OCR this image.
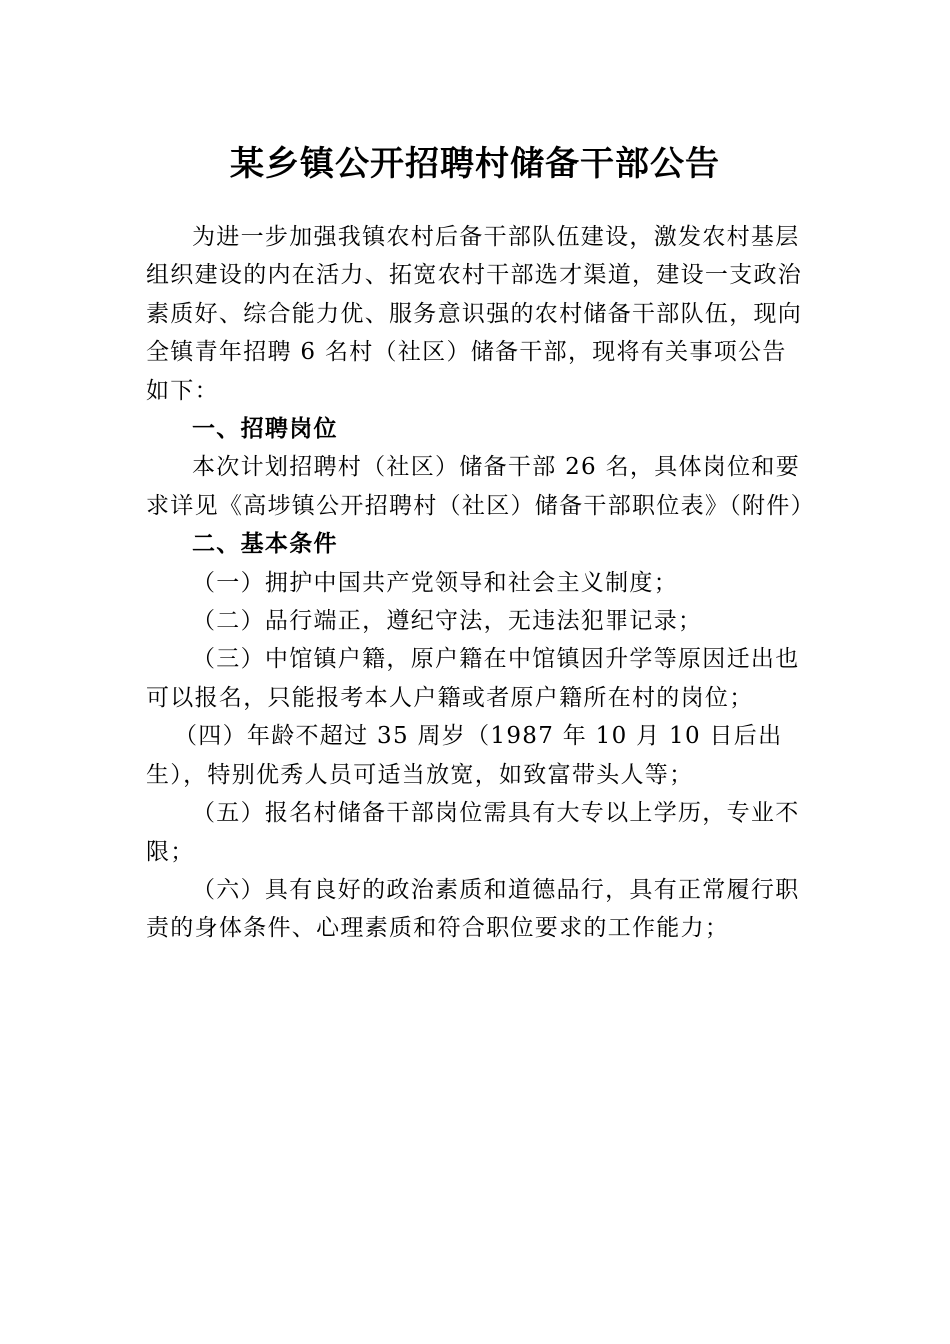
某乡镇公开招聘村储备干部公告

为进一步加强我镇农村后备干部队伍建设，激发农村基层组织建设的内在活力、拓宽农村干部选才渠道，建设一支政治素质好、综合能力优、服务意识强的农村储备干部队伍，现向全镇青年招聘 6 名村（社区）储备干部，现将有关事项公告如下：

一、招聘岗位

本次计划招聘村（社区）储备干部 26 名，具体岗位和要求详见《高埗镇公开招聘村（社区）储备干部职位表》（附件）

二、基本条件

（一）拥护中国共产党领导和社会主义制度；

（二）品行端正，遵纪守法，无违法犯罪记录；

（三）中馆镇户籍，原户籍在中馆镇因升学等原因迁出也可以报名，只能报考本人户籍或者原户籍所在村的岗位；

（四）年龄不超过 35 周岁（1987 年 10 月 10 日后出生），特别优秀人员可适当放宽，如致富带头人等；

（五）报名村储备干部岗位需具有大专以上学历，专业不限；

（六）具有良好的政治素质和道德品行，具有正常履行职责的身体条件、心理素质和符合职位要求的工作能力；
